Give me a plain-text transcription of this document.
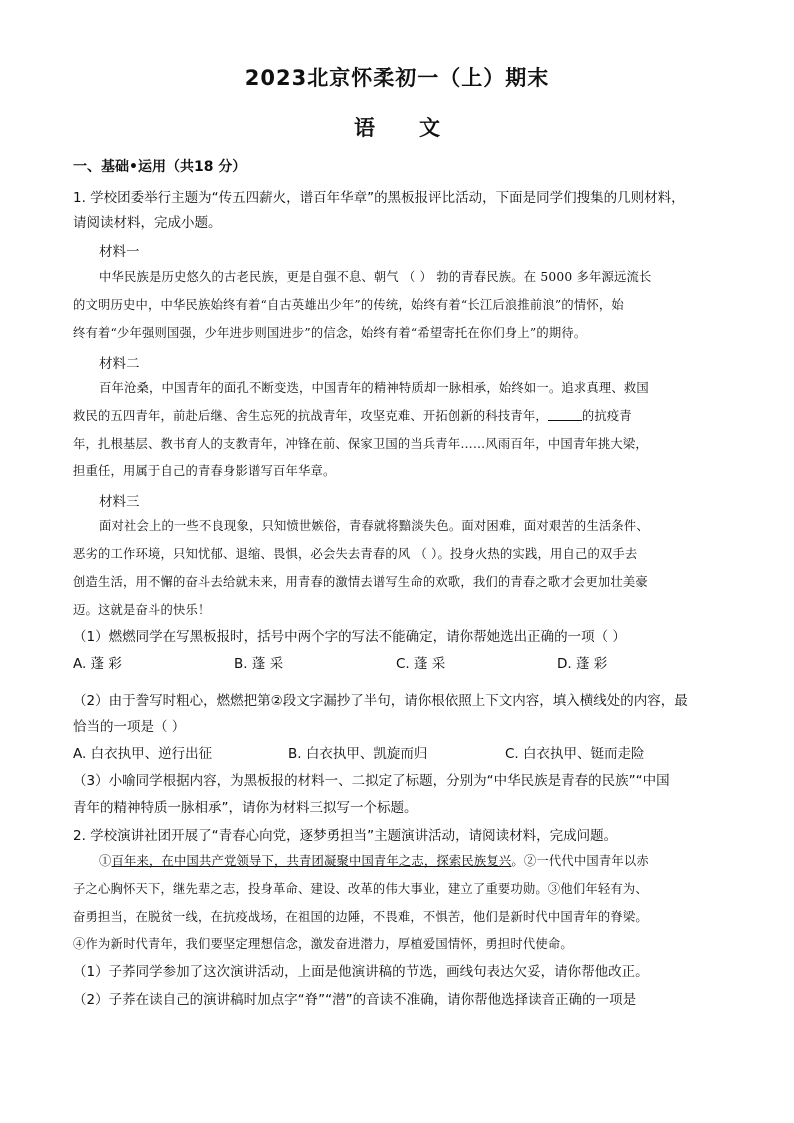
2023北京怀柔初一（上）期末
语 文
一、基础•运用（共18 分）
1. 学校团委举行主题为“传五四薪火，谱百年华章”的黑板报评比活动，下面是同学们搜集的几则材料，
请阅读材料，完成小题。
材料一
中华民族是历史悠久的古老民族，更是自强不息、朝气 （ ） 勃的青春民族。在 5000 多年源远流长
的文明历史中，中华民族始终有着“自古英雄出少年”的传统，始终有着“长江后浪推前浪”的情怀，始
终有着“少年强则国强，少年进步则国进步”的信念，始终有着“希望寄托在你们身上”的期待。
材料二
百年沧桑，中国青年的面孔不断变迭，中国青年的精神特质却一脉相承，始终如一。追求真理、救国
救民的五四青年，前赴后继、舍生忘死的抗战青年，攻坚克难、开拓创新的科技青年，	的抗疫青
年，扎根基层、教书育人的支教青年，冲锋在前、保家卫国的当兵青年……风雨百年，中国青年挑大梁，
担重任，用属于自己的青春身影谱写百年华章。
材料三
面对社会上的一些不良现象，只知愤世嫉俗，青春就将黯淡失色。面对困难，面对艰苦的生活条件、
恶劣的工作环境，只知忧郁、退缩、畏惧，必会失去青春的风 （ ）。投身火热的实践，用自己的双手去
创造生活，用不懈的奋斗去给就未来，用青春的激情去谱写生命的欢歌，我们的青春之歌才会更加壮美豪
迈。这就是奋斗的快乐！
（1）燃燃同学在写黑板报时，括号中两个字的写法不能确定，请你帮她选出正确的一项（ ）
A. 蓬 彩	B. 蓬 采	C. 蓬 采	D. 蓬 彩
（2）由于誊写时粗心，燃燃把第②段文字漏抄了半句，请你根依照上下文内容，填入横线处的内容，最
恰当的一项是（ ）
A. 白衣执甲、逆行出征	B. 白衣执甲、凯旋而归	C. 白衣执甲、铤而走险
（3）小喻同学根据内容，为黑板报的材料一、二拟定了标题，分别为“中华民族是青春的民族”“中国
青年的精神特质一脉相承”，请你为材料三拟写一个标题。
2. 学校演讲社团开展了“青春心向党，逐梦勇担当”主题演讲活动，请阅读材料，完成问题。
①百年来，在中国共产党领导下，共青团凝聚中国青年之志，探索民族复兴。②一代代中国青年以赤
子之心胸怀天下，继先辈之志，投身革命、建设、改革的伟大事业，建立了重要功勋。③他们年轻有为、
奋勇担当，在脱贫一线，在抗疫战场，在祖国的边陲，不畏难，不惧苦，他们是新时代中国青年的脊梁。
④作为新时代青年，我们要坚定理想信念，激发奋进潜力，厚植爱国情怀，勇担时代使命。
（1）子荞同学参加了这次演讲活动，上面是他演讲稿的节选，画线句表达欠妥，请你帮他改正。
（2）子荞在读自己的演讲稿时加点字“脊”“潜”的音读不准确，请你帮他选择读音正确的一项是
